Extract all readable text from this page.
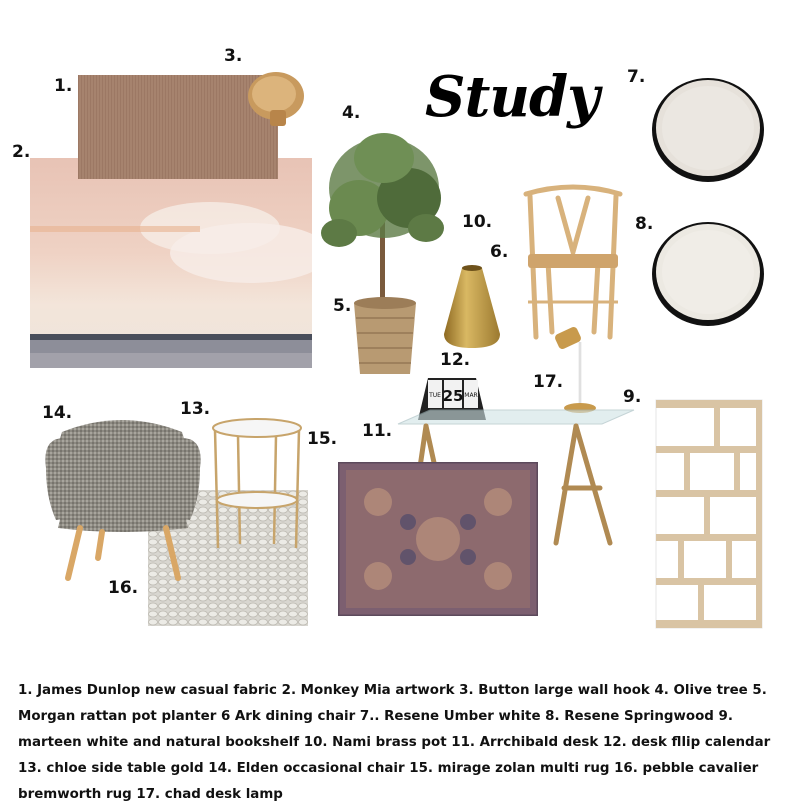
Study
1.
2.
3.
4.
5.
6.
7.
8.
9.
10.
11.
12.
13.
14.
15.
16.
17.
TUE 25 MAR
1. James Dunlop new casual fabric 2. Monkey Mia artwork 3. Button large wall hook 4. Olive tree 5. Morgan rattan pot planter 6 Ark dining chair 7.. Resene Umber white 8. Resene Springwood 9. marteen white and natural bookshelf 10. Nami brass pot 11. Arrchibald desk 12. desk fllip calendar 13. chloe side table gold 14. Elden occasional chair 15. mirage zolan multi rug 16. pebble cavalier bremworth rug 17. chad desk lamp
